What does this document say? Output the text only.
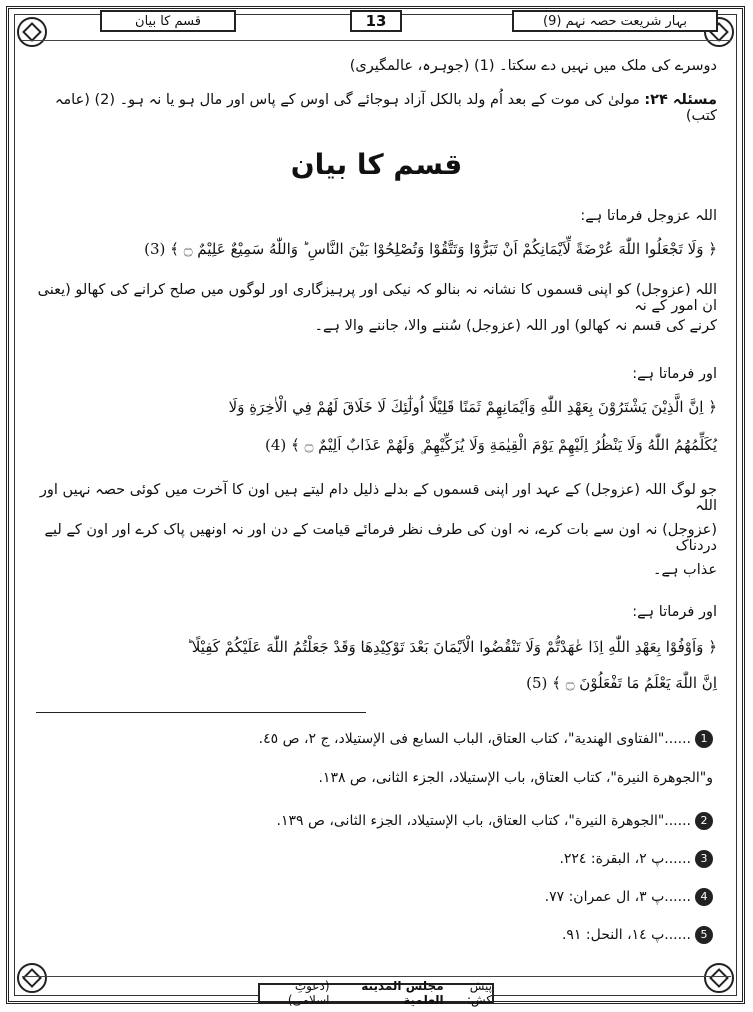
قسم کا بیان	13	بہار شریعت حصہ نہم (9)
دوسرے کی ملک میں نہیں دے سکتا۔ (1) (جوہرہ، عالمگیری)
مسئلہ ۲۴: مولیٰ کی موت کے بعد اُم ولد بالکل آزاد ہوجائے گی اوس کے پاس اور مال ہو یا نہ ہو۔ (2) (عامہ کتب)
قسم کا بیان
اللہ عزوجل فرماتا ہے:
﴿ وَلَا تَجْعَلُوا اللّٰهَ عُرْضَةً لِّاَيْمَانِكُمْ اَنْ تَبَرُّوْا وَتَتَّقُوْا وَتُصْلِحُوْا بَيْنَ النَّاسِ ؕ وَاللّٰهُ سَمِيْعٌ عَلِيْمٌ ۝ ﴾ (3)
اللہ (عزوجل) کو اپنی قسموں کا نشانہ نہ بنالو کہ نیکی اور پرہیزگاری اور لوگوں میں صلح کرانے کی کھالو (یعنی ان امور کے نہ
کرنے کی قسم نہ کھالو) اور اللہ (عزوجل) سُننے والا، جاننے والا ہے۔
اور فرماتا ہے:
﴿ اِنَّ الَّذِيْنَ يَشْتَرُوْنَ بِعَهْدِ اللّٰهِ وَاَيْمَانِهِمْ ثَمَنًا قَلِيْلًا اُولٰٓئِكَ لَا خَلَاقَ لَهُمْ فِي الْاٰخِرَةِ وَلَا
يُكَلِّمُهُمُ اللّٰهُ وَلَا يَنْظُرُ اِلَيْهِمْ يَوْمَ الْقِيٰمَةِ وَلَا يُزَكِّيْهِمْ ۪ وَلَهُمْ عَذَابٌ اَلِيْمٌ ۝ ﴾ (4)
جو لوگ اللہ (عزوجل) کے عہد اور اپنی قسموں کے بدلے ذلیل دام لیتے ہیں اون کا آخرت میں کوئی حصہ نہیں اور اللہ
(عزوجل) نہ اون سے بات کرے، نہ اون کی طرف نظر فرمائے قیامت کے دن اور نہ اونھیں پاک کرے اور اون کے لیے دردناک
عذاب ہے۔
اور فرماتا ہے:
﴿ وَاَوْفُوْا بِعَهْدِ اللّٰهِ اِذَا عٰهَدْتُّمْ وَلَا تَنْقُضُوا الْاَيْمَانَ بَعْدَ تَوْكِيْدِهَا وَقَدْ جَعَلْتُمُ اللّٰهَ عَلَيْكُمْ كَفِيْلًا ؕ
اِنَّ اللّٰهَ يَعْلَمُ مَا تَفْعَلُوْنَ ۝ ﴾ (5)
1......"الفتاوی الھندیة"، کتاب العتاق، الباب السابع فی الإستیلاد، ج ۲، ص ٤٥.
و"الجوھرة النیرة"، کتاب العتاق، باب الإستیلاد، الجزء الثانی، ص ١٣٨.
2......"الجوھرة النیرة"، کتاب العتاق، باب الإستیلاد، الجزء الثانی، ص ١٣٩.
3......پ ٢، البقرة: ٢٢٤.
4......پ ٣، ال عمران: ٧٧.
5......پ ١٤، النحل: ٩١.
پیش کش:
مجلس المدینة العلمیة
(دعوتِ اسلامی)
